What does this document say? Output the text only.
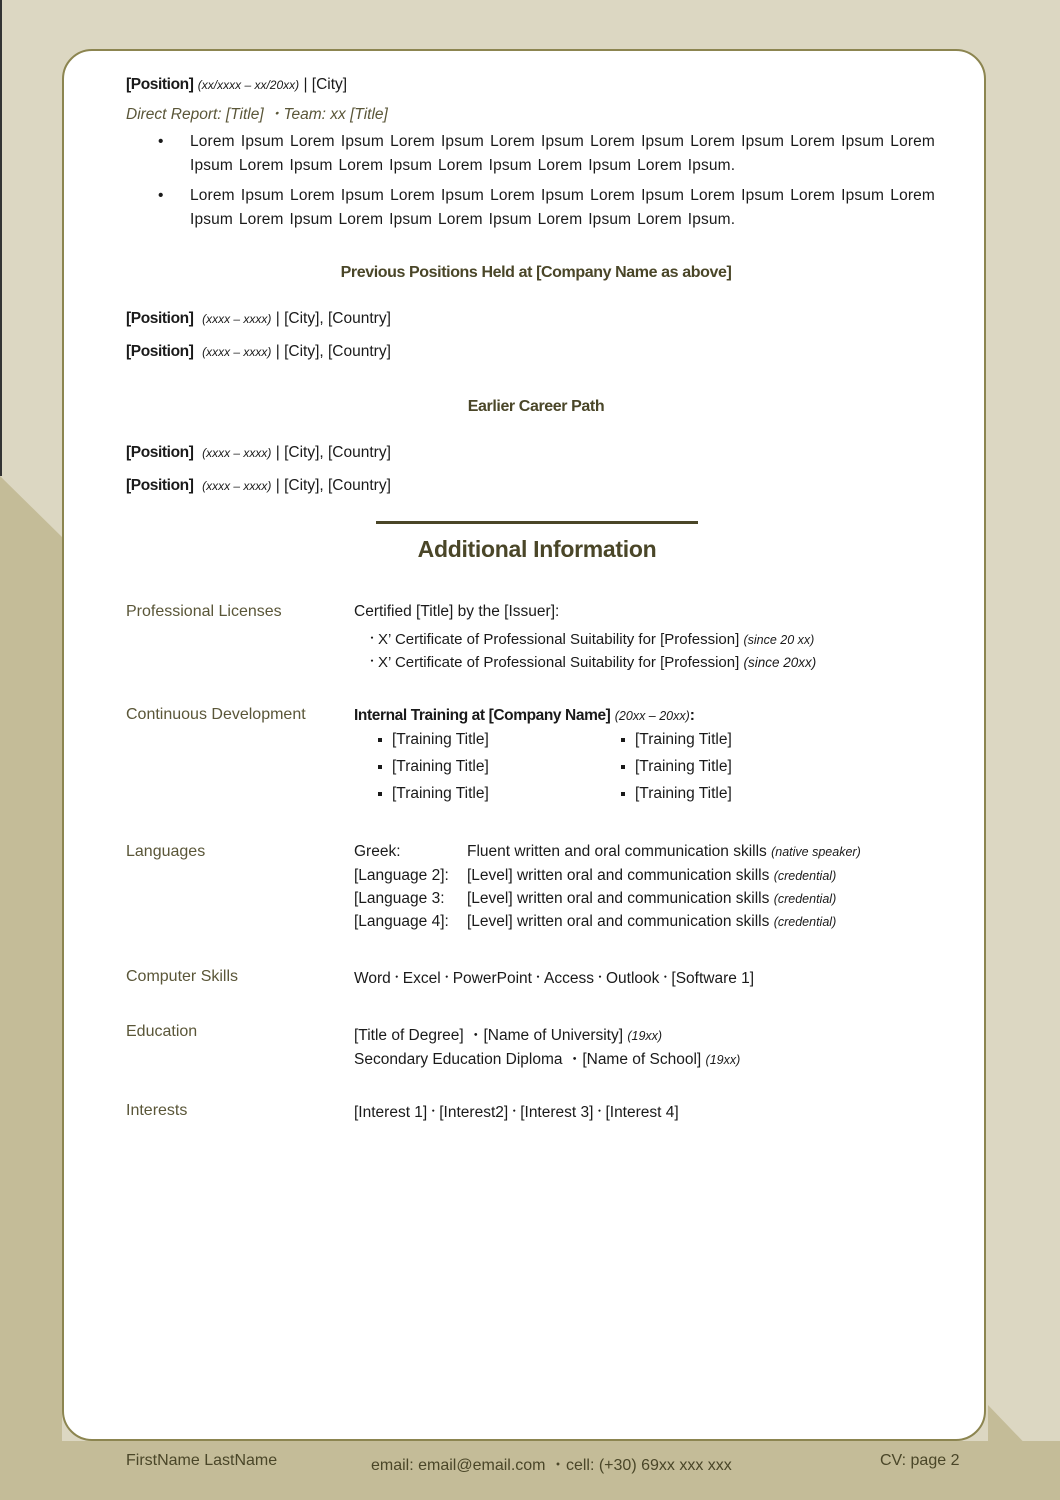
[Position] (xx/xxxx – xx/20xx) | [City]
Direct Report: [Title] ・Team: xx [Title]
• Lorem Ipsum Lorem Ipsum Lorem Ipsum Lorem Ipsum Lorem Ipsum Lorem Ipsum Lorem Ipsum Lorem Ipsum Lorem Ipsum Lorem Ipsum Lorem Ipsum Lorem Ipsum Lorem Ipsum.
• Lorem Ipsum Lorem Ipsum Lorem Ipsum Lorem Ipsum Lorem Ipsum Lorem Ipsum Lorem Ipsum Lorem Ipsum Lorem Ipsum Lorem Ipsum Lorem Ipsum Lorem Ipsum Lorem Ipsum.
Previous Positions Held at [Company Name as above]
[Position] (xxxx – xxxx) | [City], [Country]
[Position] (xxxx – xxxx) | [City], [Country]
Earlier Career Path
[Position] (xxxx – xxxx) | [City], [Country]
[Position] (xxxx – xxxx) | [City], [Country]
Additional Information
Professional Licenses	Certified [Title] by the [Issuer]:
・X’ Certificate of Professional Suitability for [Profession] (since 20 xx)
・X’ Certificate of Professional Suitability for [Profession] (since 20xx)
Continuous Development	Internal Training at [Company Name] (20xx – 20xx):
[Training Title]	[Training Title]
[Training Title]	[Training Title]
[Training Title]	[Training Title]
Languages	Greek:	Fluent written and oral communication skills (native speaker)
[Language 2]: [Level] written oral and communication skills (credential)
[Language 3: [Level] written oral and communication skills (credential)
[Language 4]: [Level] written oral and communication skills (credential)
Computer Skills	Word・Excel・PowerPoint・Access・Outlook・[Software 1]
Education	[Title of Degree] ・[Name of University] (19xx)
Secondary Education Diploma ・[Name of School] (19xx)
Interests	[Interest 1]・[Interest2]・[Interest 3]・[Interest 4]
FirstName LastName	email: email@email.com ・cell: (+30) 69xx xxx xxx	CV: page 2
